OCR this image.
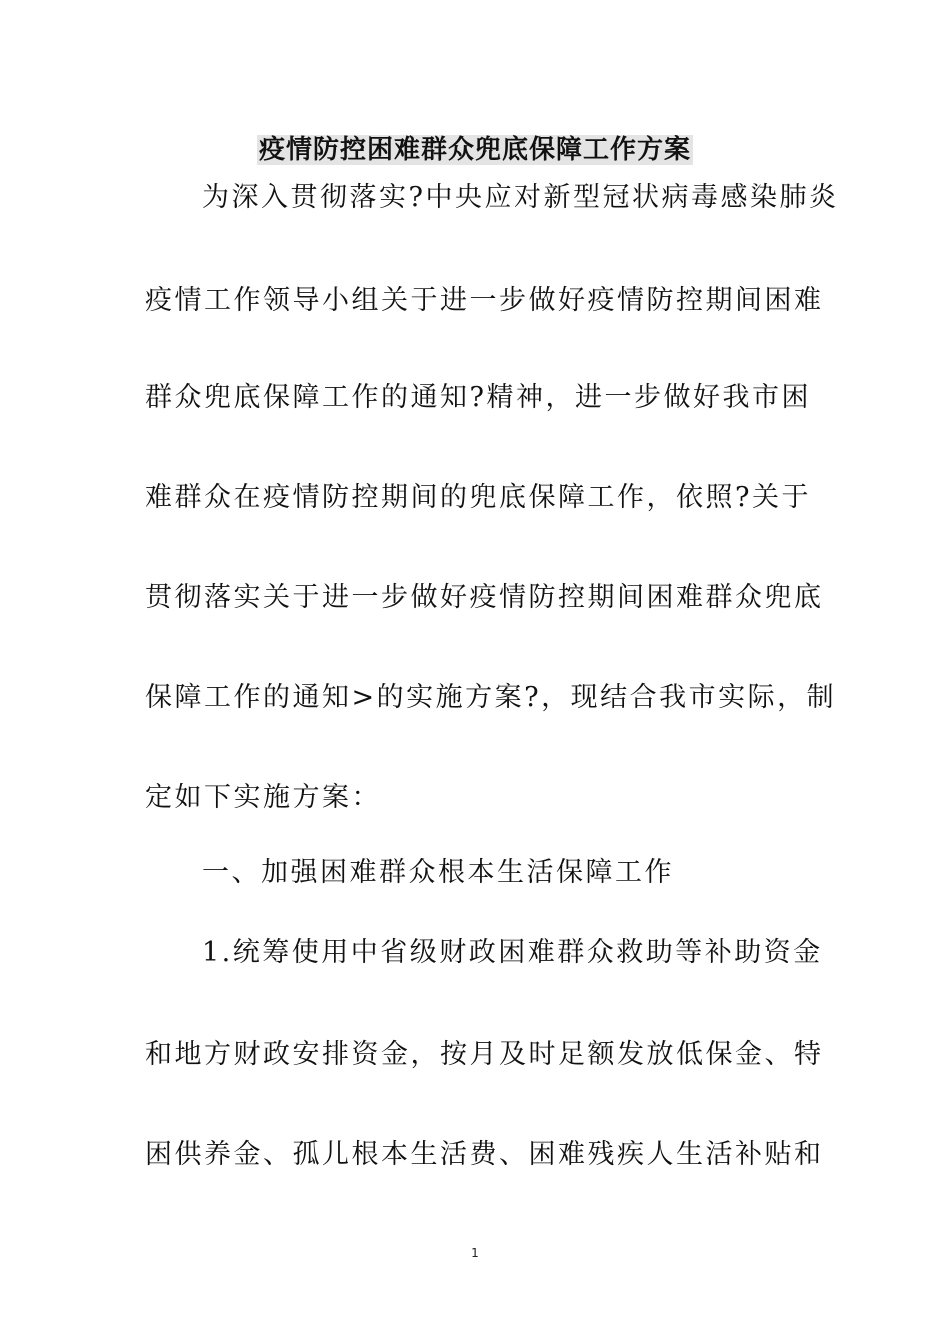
疫情防控困难群众兜底保障工作方案
为深入贯彻落实?中央应对新型冠状病毒感染肺炎
疫情工作领导小组关于进一步做好疫情防控期间困难
群众兜底保障工作的通知?精神，进一步做好我市困
难群众在疫情防控期间的兜底保障工作，依照?关于
贯彻落实关于进一步做好疫情防控期间困难群众兜底
保障工作的通知>的实施方案?，现结合我市实际，制
定如下实施方案：
一、加强困难群众根本生活保障工作
1.统筹使用中省级财政困难群众救助等补助资金
和地方财政安排资金，按月及时足额发放低保金、特
困供养金、孤儿根本生活费、困难残疾人生活补贴和
1
